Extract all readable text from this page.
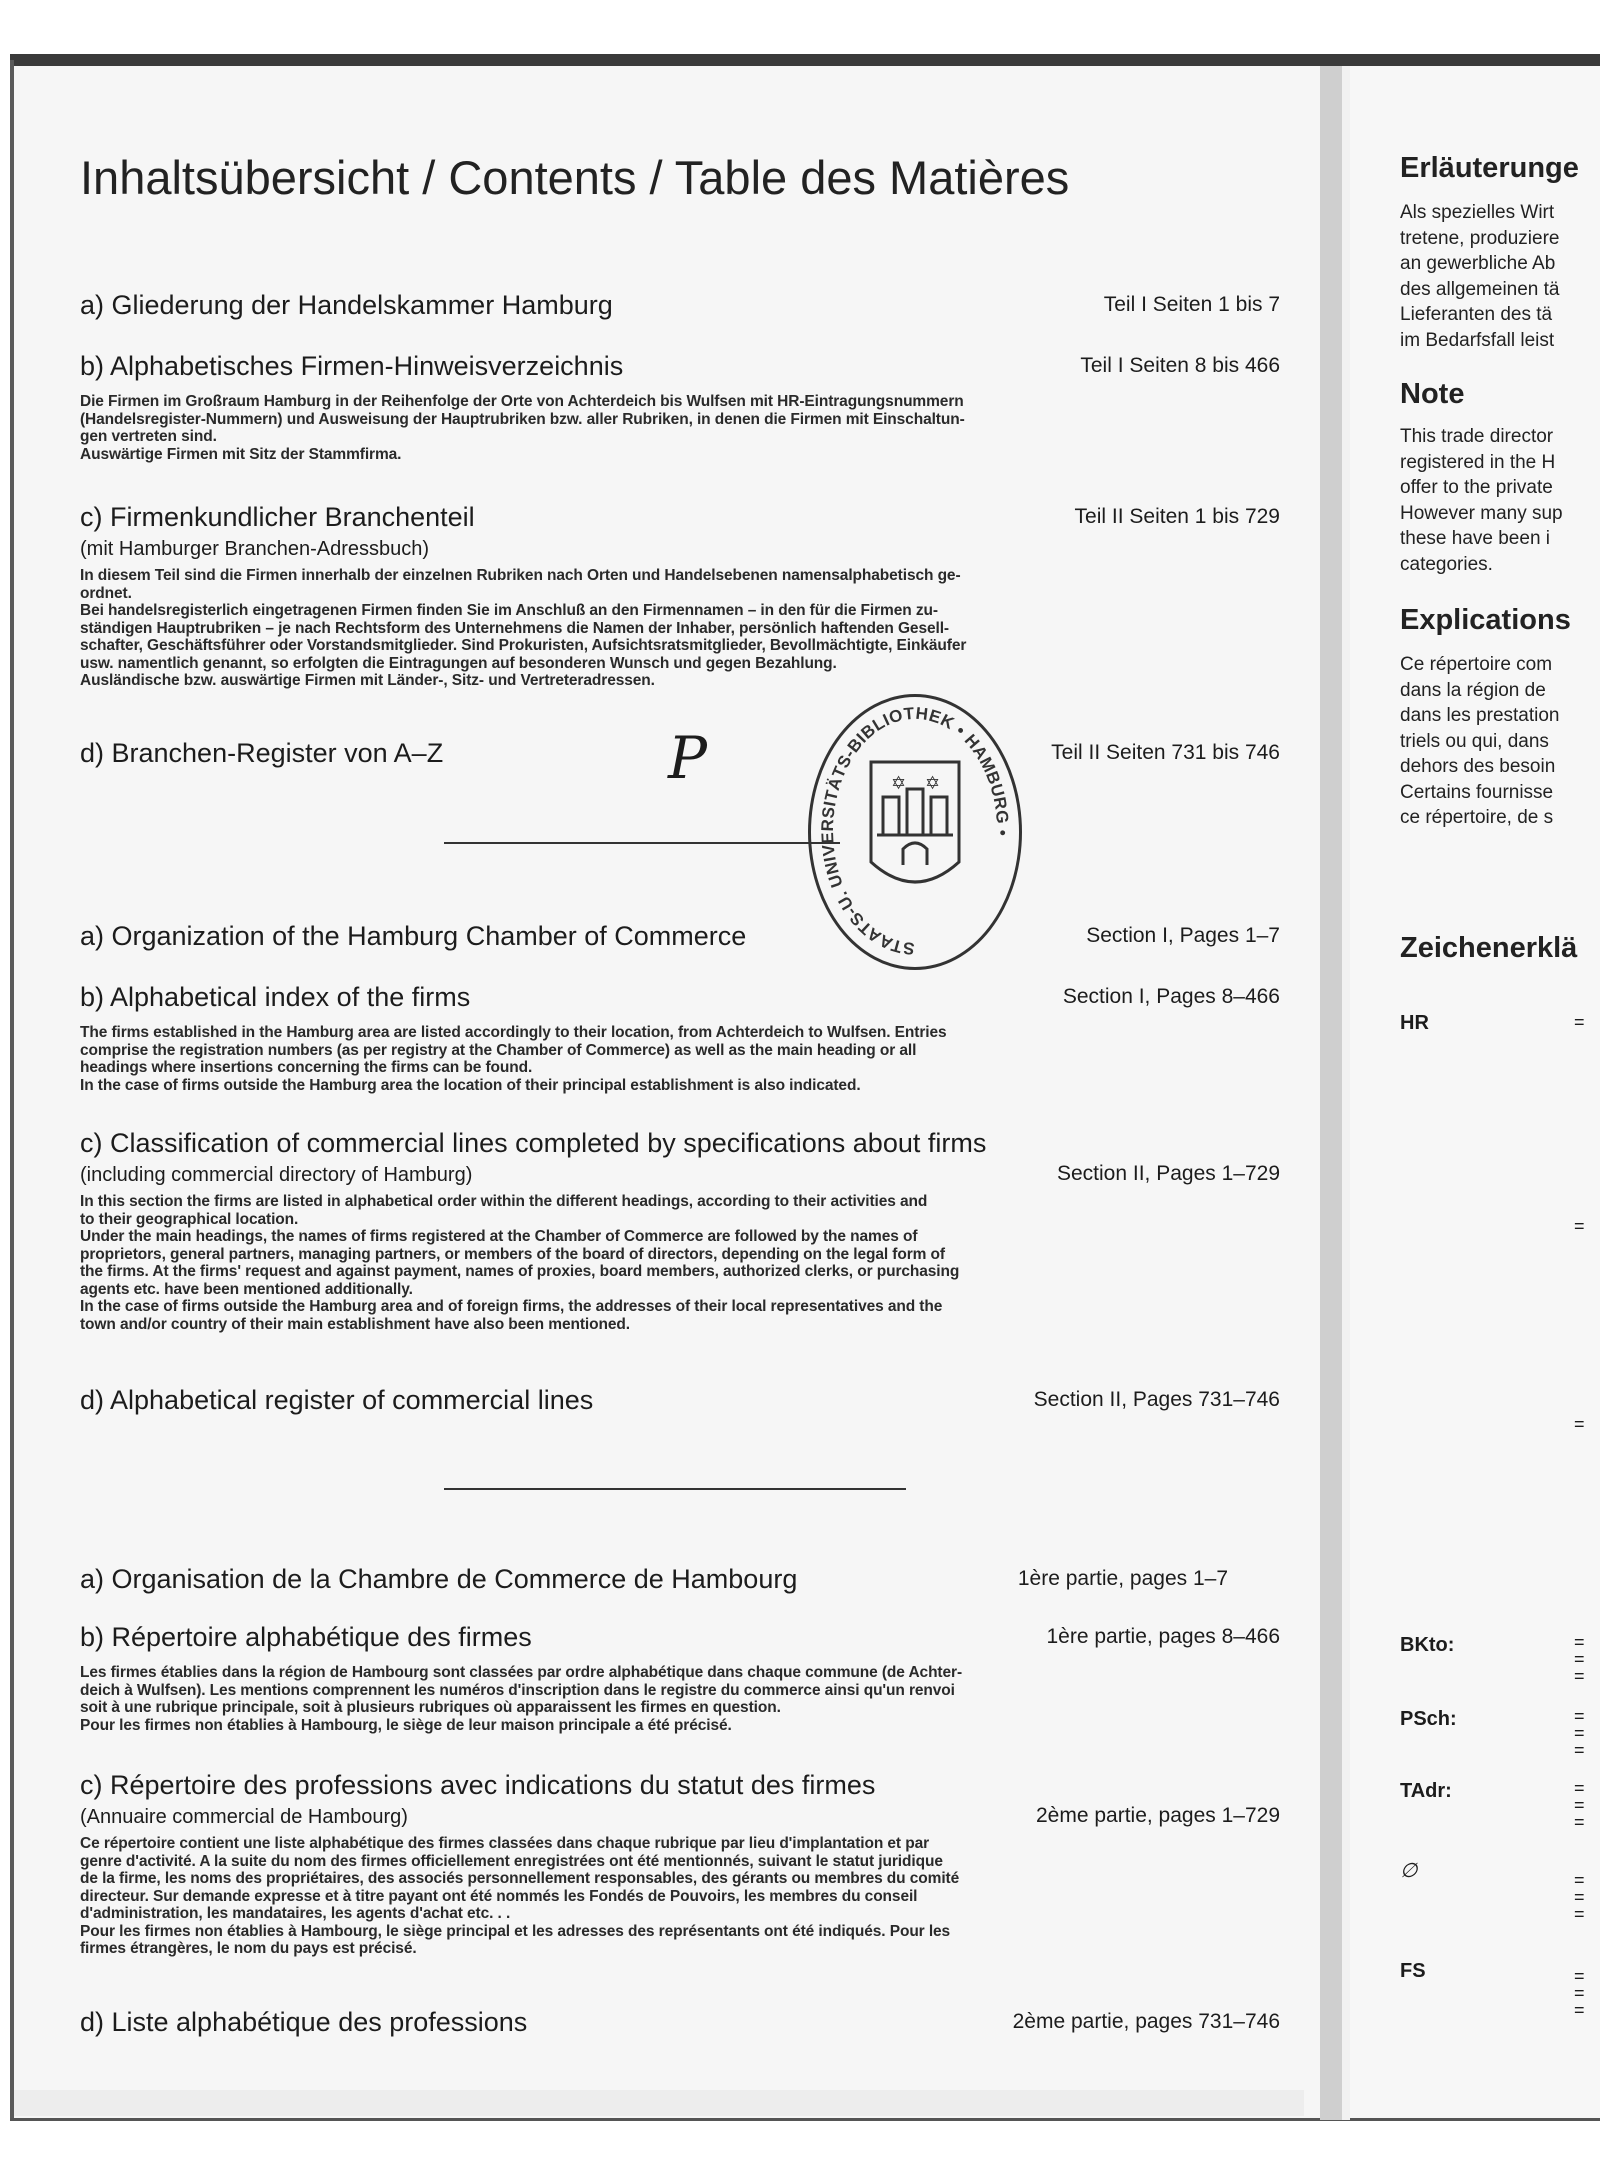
Inhaltsübersicht / Contents / Table des Matières
a) Gliederung der Handelskammer Hamburg	Teil I Seiten 1 bis 7
b) Alphabetisches Firmen-Hinweisverzeichnis	Teil I Seiten 8 bis 466
Die Firmen im Großraum Hamburg in der Reihenfolge der Orte von Achterdeich bis Wulfsen mit HR-Eintragungsnummern
(Handelsregister-Nummern) und Ausweisung der Hauptrubriken bzw. aller Rubriken, in denen die Firmen mit Einschaltun-
gen vertreten sind.
Auswärtige Firmen mit Sitz der Stammfirma.
c) Firmenkundlicher Branchenteil	Teil II Seiten 1 bis 729
(mit Hamburger Branchen-Adressbuch)
In diesem Teil sind die Firmen innerhalb der einzelnen Rubriken nach Orten und Handelsebenen namensalphabetisch ge-
ordnet.
Bei handelsregisterlich eingetragenen Firmen finden Sie im Anschluß an den Firmennamen – in den für die Firmen zu-
ständigen Hauptrubriken – je nach Rechtsform des Unternehmens die Namen der Inhaber, persönlich haftenden Gesell-
schafter, Geschäftsführer oder Vorstandsmitglieder. Sind Prokuristen, Aufsichtsratsmitglieder, Bevollmächtigte, Einkäufer
usw. namentlich genannt, so erfolgten die Eintragungen auf besonderen Wunsch und gegen Bezahlung.
Ausländische bzw. auswärtige Firmen mit Länder-, Sitz- und Vertreteradressen.
d) Branchen-Register von A–Z	Teil II Seiten 731 bis 746
a) Organization of the Hamburg Chamber of Commerce	Section I, Pages 1–7
b) Alphabetical index of the firms	Section I, Pages 8–466
The firms established in the Hamburg area are listed accordingly to their location, from Achterdeich to Wulfsen. Entries
comprise the registration numbers (as per registry at the Chamber of Commerce) as well as the main heading or all
headings where insertions concerning the firms can be found.
In the case of firms outside the Hamburg area the location of their principal establishment is also indicated.
c) Classification of commercial lines completed by specifications about firms
(including commercial directory of Hamburg)	Section II, Pages 1–729
In this section the firms are listed in alphabetical order within the different headings, according to their activities and
to their geographical location.
Under the main headings, the names of firms registered at the Chamber of Commerce are followed by the names of
proprietors, general partners, managing partners, or members of the board of directors, depending on the legal form of
the firms. At the firms' request and against payment, names of proxies, board members, authorized clerks, or purchasing
agents etc. have been mentioned additionally.
In the case of firms outside the Hamburg area and of foreign firms, the addresses of their local representatives and the
town and/or country of their main establishment have also been mentioned.
d) Alphabetical register of commercial lines	Section II, Pages 731–746
a) Organisation de la Chambre de Commerce de Hambourg	1ère partie, pages 1–7
b) Répertoire alphabétique des firmes	1ère partie, pages 8–466
Les firmes établies dans la région de Hambourg sont classées par ordre alphabétique dans chaque commune (de Achter-
deich à Wulfsen). Les mentions comprennent les numéros d'inscription dans le registre du commerce ainsi qu'un renvoi
soit à une rubrique principale, soit à plusieurs rubriques où apparaissent les firmes en question.
Pour les firmes non établies à Hambourg, le siège de leur maison principale a été précisé.
c) Répertoire des professions avec indications du statut des firmes
(Annuaire commercial de Hambourg)	2ème partie, pages 1–729
Ce répertoire contient une liste alphabétique des firmes classées dans chaque rubrique par lieu d'implantation et par
genre d'activité. A la suite du nom des firmes officiellement enregistrées ont été mentionnés, suivant le statut juridique
de la firme, les noms des propriétaires, des associés personnellement responsables, des gérants ou membres du comité
directeur. Sur demande expresse et à titre payant ont été nommés les Fondés de Pouvoirs, les membres du conseil
d'administration, les mandataires, les agents d'achat etc. . .
Pour les firmes non établies à Hambourg, le siège principal et les adresses des représentants ont été indiqués. Pour les
firmes étrangères, le nom du pays est précisé.
d) Liste alphabétique des professions	2ème partie, pages 731–746
P
STAATS-U. UNIVERSITÄTS-BIBLIOTHEK • HAMBURG •
✡ ✡
Erläuterunge
Als spezielles Wirt
tretene, produziere
an gewerbliche Ab
des allgemeinen tä
Lieferanten des tä
im Bedarfsfall leist
Note
This trade director
registered in the H
offer to the private
However many sup
these have been i
categories.
Explications
Ce répertoire com
dans la région de
dans les prestation
triels ou qui, dans
dehors des besoin
Certains fournisse
ce répertoire, de s
Zeichenerklä
HR	=
=
=
BKto:	=
=
=
PSch:	=
=
=
TAdr:	=
=
=
∅	=
=
=
FS	=
=
=
